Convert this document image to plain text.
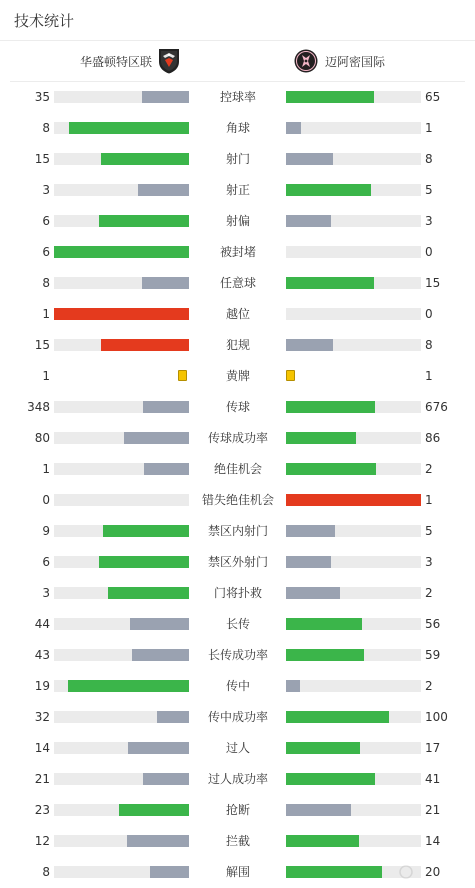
技术统计
华盛顿特区联	迈阿密国际
35	控球率	65
8	角球	1
15	射门	8
3	射正	5
6	射偏	3
6	被封堵	0
8	任意球	15
1	越位	0
15	犯规	8
1	黄牌	1
348	传球	676
80	传球成功率	86
1	绝佳机会	2
0	错失绝佳机会	1
9	禁区内射门	5
6	禁区外射门	3
3	门将扑救	2
44	长传	56
43	长传成功率	59
19	传中	2
32	传中成功率	100
14	过人	17
21	过人成功率	41
23	抢断	21
12	拦截	14
8	解围	20
